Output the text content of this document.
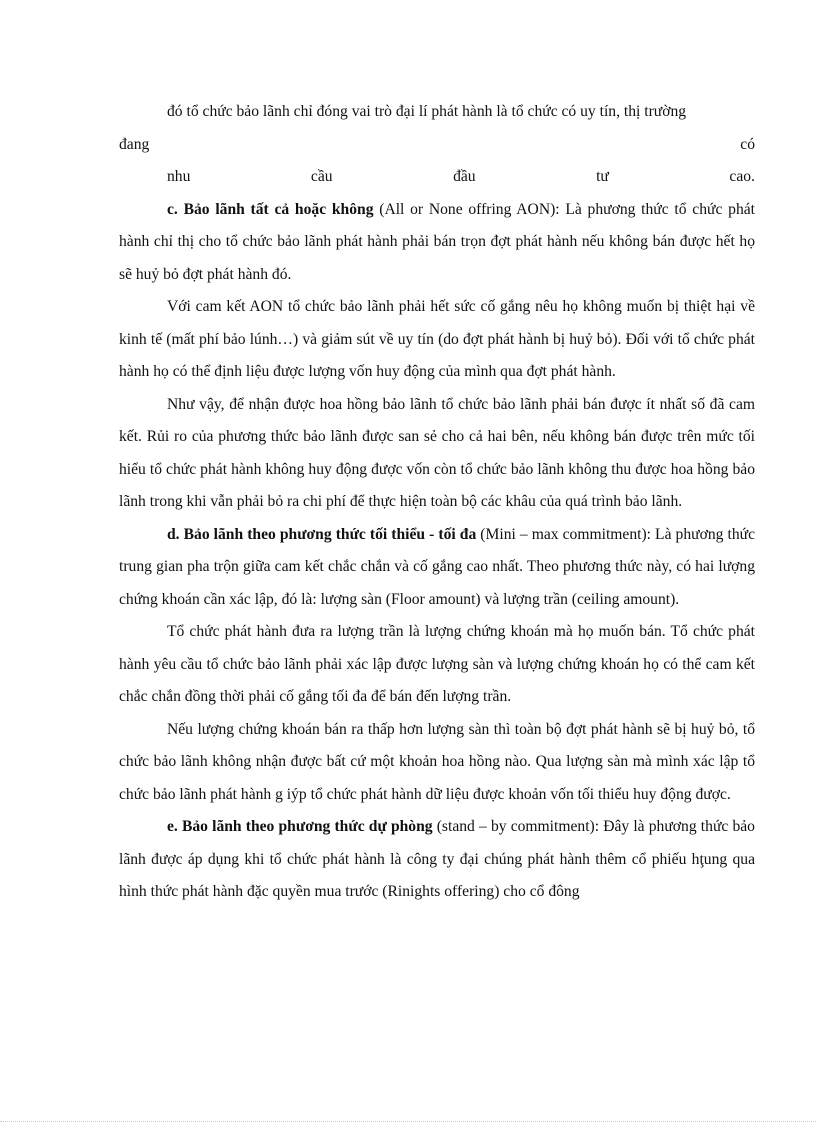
đó tổ chức bảo lãnh chỉ đóng vai trò đại lí phát hành là tổ chức có uy tín, thị trường

đang	có
nhu	cầu	đầu	tư	cao.

c. Bảo lãnh tất cả hoặc không (All or None offring AON): Là phương thức tổ chức phát hành chỉ thị cho tổ chức bảo lãnh phát hành phải bán trọn đợt phát hành nếu không bán được hết họ sẽ huỷ bỏ đợt phát hành đó.

Với cam kết AON tổ chức bảo lãnh phải hết sức cố gắng nêu họ không muốn bị thiệt hại về kinh tế (mất phí bảo lúnh…) và giảm sút về uy tín (do đợt phát hành bị huỷ bỏ). Đối với tổ chức phát hành họ có thể định liệu được lượng vốn huy động của mình qua đợt phát hành.

Như vậy, để nhận được hoa hồng bảo lãnh tổ chức bảo lãnh phải bán được ít nhất số đã cam kết. Rủi ro của phương thức bảo lãnh được san sẻ cho cả hai bên, nếu không bán được trên mức tối hiểu tổ chức phát hành không huy động được vốn còn tổ chức bảo lãnh không thu được hoa hồng bảo lãnh trong khi vẫn phải bỏ ra chi phí để thực hiện toàn bộ các khâu của quá trình bảo lãnh.

d. Bảo lãnh theo phương thức tối thiểu - tối đa (Mini – max commitment): Là phương thức trung gian pha trộn giữa cam kết chắc chắn và cố gắng cao nhất. Theo phương thức này, có hai lượng chứng khoán cần xác lập, đó là: lượng sàn (Floor amount) và lượng trần (ceiling amount).

Tổ chức phát hành đưa ra lượng trần là lượng chứng khoán mà họ muốn bán. Tổ chức phát hành yêu cầu tổ chức bảo lãnh phải xác lập được lượng sàn và lượng chứng khoán họ có thể cam kết chắc chắn đồng thời phải cố gắng tối đa để bán đến lượng trần.

Nếu lượng chứng khoán bán ra thấp hơn lượng sàn thì toàn bộ đợt phát hành sẽ bị huỷ bỏ, tổ chức bảo lãnh không nhận được bất cứ một khoản hoa hồng nào. Qua lượng sàn mà mình xác lập tổ chức bảo lãnh phát hành g iýp tổ chức phát hành dữ liệu được khoản vốn tối thiểu huy động được.

e. Bảo lãnh theo phương thức dự phòng (stand – by commitment): Đây là phương thức bảo lãnh được áp dụng khi tổ chức phát hành là công ty đại chúng phát hành thêm cổ phiếu hţung qua hình thức phát hành đặc quyền mua trước (Rinights offering) cho cổ đông
